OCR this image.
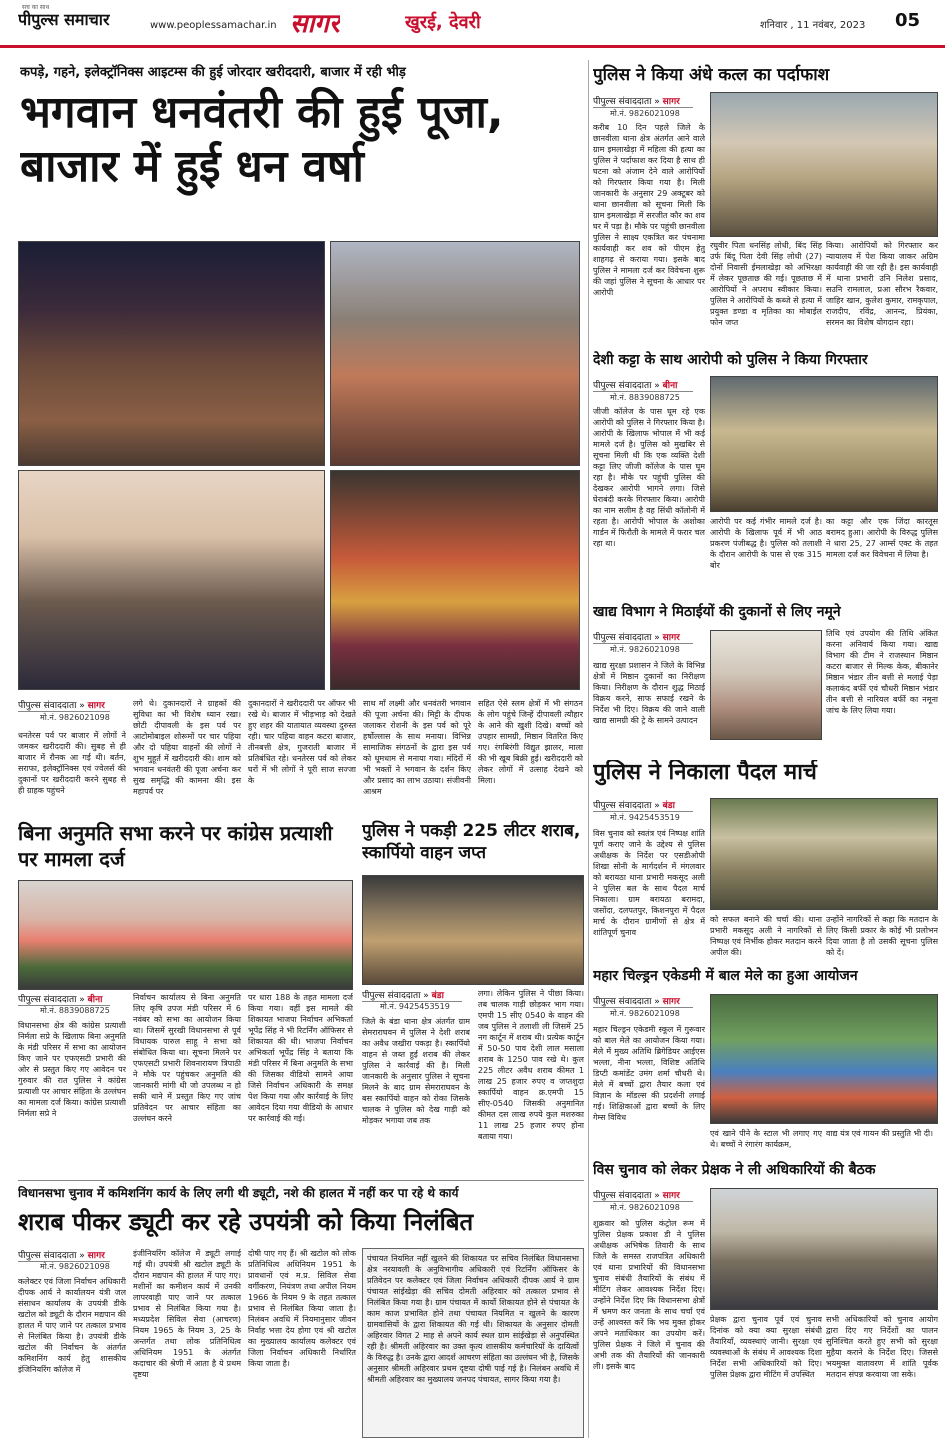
सच का साथ
पीपुल्स समाचार	www.peoplessamachar.in सागर	खुरई, देवरी	शनिवार , 11 नवंबर, 2023 05
कपड़े, गहने, इलेक्ट्रॉनिक्स आइटम्स की हुई जोरदार खरीददारी, बाजार में रही भीड़
भगवान धनवंतरी की हुई पूजा, बाजार में हुई धन वर्षा
पीपुल्स संवाददाता » सागर
मो.नं. 9826021098
धनतेरस पर्व पर बाजार में लोगों ने जमकर खरीददारी की। सुबह से ही बाजार में रौनक आ गई थी। बर्तन, सराफा, इलेक्ट्रॉनिक्स एवं ज्वेलर्स की दुकानों पर खरीददारी करने सुबह से ही ग्राहक पहुंचने
लगे थे। दुकानदारों ने ग्राहकों की सुविधा का भी विशेष ध्यान रखा। छोटी दीपावली के इस पर्व पर आटोमोबाइल शोरूमों पर चार पहिया और दो पहिया वाहनों की लोगों ने शुभ मुहूर्त में खरीददारी की। शाम को भगवान धनवंतरी की पूजा अर्चना कर सुख समृद्धि की कामना की। इस महापर्व पर
दुकानदारों ने खरीददारी पर ऑफर भी रखे थे। बाजार में भीड़भाड़ को देखते हुए शहर की यातायात व्यवस्था दुरुस्त रही। चार पहिया वाहन कटरा बाजार, तीनबत्ती क्षेत्र, गुजराती बाजार में प्रतिबंधित रहे। धनतेरस पर्व को लेकर घरों में भी लोगों ने पूरी साज सज्जा के
साथ माँ लक्ष्मी और धनवंतरी भगवान की पूजा अर्चना की। मिट्टी के दीपक जलाकर रोशनी के इस पर्व को पूरे हर्षोल्लास के साथ मनाया। विभिन्न सामाजिक संगठनों के द्वारा इस पर्व को धूमधाम से मनाया गया। मंदिरों में भी भक्तों ने भगवान के दर्शन किए और प्रसाद का लाभ उठाया। संजीवनी आश्रम
सहित ऐसे स्लम क्षेत्रों में भी संगठन के लोग पहुंचे जिन्हें दीपावली त्यौहार के आने की खुशी दिखे। बच्चों को उपहार सामग्री, मिष्ठान वितरित किए गए। रंगबिरंगी विद्युत झालर, माला की भी खूब बिक्री हुई। खरीददारी को लेकर लोगों में उत्साह देखने को मिला।
बिना अनुमति सभा करने पर कांग्रेस प्रत्याशी पर मामला दर्ज
पीपुल्स संवाददाता » बीना
मो.नं. 8839088725
विधानसभा क्षेत्र की कांग्रेस प्रत्याशी निर्मला सप्रे के खिलाफ बिना अनुमति के मंडी परिसर में सभा का आयोजन किए जाने पर एफएसटी प्रभारी की ओर से प्रस्तुत किए गए आवेदन पर गुरुवार की रात पुलिस ने कांग्रेस प्रत्याशी पर आचार संहिता के उल्लंघन का मामला दर्ज किया। कांग्रेस प्रत्याशी निर्मला सप्रे ने
निर्वाचन कार्यालय से बिना अनुमति लिए कृषि उपज मंडी परिसर में 6 नवंबर को सभा का आयोजन किया था। जिसमें सुरखी विधानसभा से पूर्व विधायक पारुल साहू ने सभा को संबोधित किया था। सूचना मिलने पर एफएसटी प्रभारी शिवनारायण त्रिपाठी ने मौके पर पहुंचकर अनुमति की जानकारी मांगी थी जो उपलब्ध न हो सकी थाने में प्रस्तुत किए गए जांच प्रतिवेदन पर आचार संहिता का उल्लंघन करने
पर धारा 188 के तहत मामला दर्ज किया गया। वहीं इस मामले की शिकायत भाजपा निर्वाचन अभिकर्ता भूपेंद्र सिंह ने भी रिटर्निंग ऑफिसर से शिकायत की थी। भाजपा निर्वाचन अभिकर्ता भूपेंद्र सिंह ने बताया कि मंडी परिसर में बिना अनुमति के सभा की जिसका वीडियो सामने आया जिसे निर्वाचन अधिकारी के समक्ष पेश किया गया और कार्रवाई के लिए आवेदन दिया गया वीडियो के आधार पर कार्रवाई की गई।
पुलिस ने पकड़ी 225 लीटर शराब, स्कार्पियो वाहन जप्त
पीपुल्स संवाददाता » बंडा
मो.नं. 9425453519
जिले के बंडा थाना क्षेत्र अंतर्गत ग्राम सेमराराघवन में पुलिस ने देशी शराब का अवैध जखीरा पकड़ा है। स्कार्पियो वाहन से जब्त हुई शराब की लेकर पुलिस ने कार्रवाई की है। मिली जानकारी के अनुसार पुलिस ने सूचना मिलने के बाद ग्राम सेमराराघवन के बस स्कार्पियो वाहन को रोका जिसके चालक ने पुलिस को देख गाड़ी को मोड़कर भगाया जब तक
लगा। लेकिन पुलिस ने पीछा किया। तब चालक गाड़ी छोड़कर भाग गया। एमपी 15 सीए 0540 के वाहन की जब पुलिस ने तलाशी ली जिसमें 25 नग कार्टून में शराब थी। प्रत्येक कार्टून में 50-50 पाव देशी लाल मसाला शराब के 1250 पाव रखे थे। कुल 225 लीटर अवैध शराब कीमत 1 लाख 25 हजार रुपए व जप्तशुदा स्कार्पियो वाहन क्र.एमपी 15 सीए-0540 जिसकी अनुमानित कीमत दस लाख रुपये कुल मशरुका 11 लाख 25 हजार रुपए होना बताया गया।
विधानसभा चुनाव में कमिशनिंग कार्य के लिए लगी थी ड्यूटी, नशे की हालत में नहीं कर पा रहे थे कार्य
शराब पीकर ड्यूटी कर रहे उपयंत्री को किया निलंबित
पीपुल्स संवाददाता » सागर
मो.नं. 9826021098
कलेक्टर एवं जिला निर्वाचन अधिकारी दीपक आर्य ने कार्यालयन यंत्री जल संसाधन कार्यालय के उपयंत्री डीके खटोल को ड्यूटी के दौरान मद्यपान की हालत में पाए जाने पर तत्काल प्रभाव से निलंबित किया है। उपयंत्री डीके खटोल की निर्वाचन के अंतर्गत कमिशनिंग कार्य हेतु शासकीय इंजिनियरिंग कॉलेज में
इंजीनियरिंग कॉलेज में ड्यूटी लगाई गई थी। उपयंत्री श्री खटोल ड्यूटी के दौरान मद्यपान की हालत में पाए गए। मशीनों का कमीशन कार्य में उनकी लापरवाही पाए जाने पर तत्काल प्रभाव से निलंबित किया गया है। मध्यप्रदेश सिविल सेवा (आचरण) नियम 1965 के नियम 3, 25 के अन्तर्गत तथा लोक प्रतिनिधित्व अधिनियम 1951 के अंतर्गत कदाचार की श्रेणी में आता है ये प्रथम दृष्टया
दोषी पाए गए हैं। श्री खटोल को लोक प्रतिनिधित्व अधिनियम 1951 के प्रावधानों एवं म.प्र. सिविल सेवा वर्गीकरण, नियंत्रण तथा अपील नियम 1966 के नियम 9 के तहत तत्काल प्रभाव से निलंबित किया जाता है। निलंबन अवधि में नियमानुसार जीवन निर्वाह भत्ता देय होगा एवं श्री खटोल का मुख्यालय कार्यालय कलेक्टर एवं जिला निर्वाचन अधिकारी निर्धारित किया जाता है।
पंचायत नियमित नहीं खुलने की शिकायत पर सचिव निलंबित विधानसभा क्षेत्र नरयावली के अनुविभागीय अधिकारी एवं रिटर्निंग ऑफिसर के प्रतिवेदन पर कलेक्टर एवं जिला निर्वाचन अधिकारी दीपक आर्य ने ग्राम पंचायत सांईखेड़ा की सचिव दोमती अहिरवार को तत्काल प्रभाव से निलंबित किया गया है। ग्राम पंचायत में कार्यो शिकायत होने से पंचायत के काम काज प्रभावित होने तथा पंचायत नियमित न खुलने के कारण ग्रामवासियों के द्वारा शिकायत की गई थी। शिकायत के अनुसार दोमती अहिरवार विगत 2 माह से अपने कार्य स्थल ग्राम सांईखेड़ा से अनुपस्थित रही है। श्रीमती अहिरवार का उक्त कृत्य शासकीय कर्मचारियों के दायित्वों के विरुद्ध है। उनके द्वारा आदर्श आचरण संहिता का उल्लंघन भी है, जिसके अनुसार श्रीमती अहिरवार प्रथम दृष्टया दोषी पाई गई है। निलंबन अवधि में श्रीमती अहिरवार का मुख्यालय जनपद पंचायत, सागर किया गया है।
पुलिस ने किया अंधे कत्ल का पर्दाफाश
पीपुल्स संवाददाता » सागर
मो.नं. 9826021098
करीब 10 दिन पहले जिले के छानवीला थाना क्षेत्र अंतर्गत आने वाले ग्राम इमलाखेड़ा में महिला की हत्या का पुलिस ने पर्दाफाश कर दिया है साथ ही घटना को अंजाम देने वाले आरोपियों को गिरफ्तार किया गया है। मिली जानकारी के अनुसार 29 अक्टूबर को थाना छानवीला को सूचना मिली कि ग्राम इमलाखेड़ा में सरजीत कौर का शव घर में पड़ा है। मौके पर पहुंची छानवीला पुलिस ने साक्ष्य एकत्रित कर पंचनामा कार्यवाही कर शव को पीएम हेतु शाहगढ़ से कराया गया। इसके बाद पुलिस ने मामला दर्ज कर विवेचना शुरू की जहां पुलिस ने सूचना के आधार पर आरोपी
रघुवीर पिता धनसिंह लोधी, बिंद सिंह उर्फ बिंदू पिता देवी सिंह लोधी (27) दोनों निवासी ईमलाखेड़ा को अभिरक्षा में लेकर पूछताछ की गई। पूछताछ में आरोपियों ने अपराध स्वीकार किया। पुलिस ने आरोपियों के कब्जे से हत्या में प्रयुक्त डण्डा व मृतिका का मोबाईल फोन जप्त
किया। आरोपियों को गिरफ्तार कर न्यायालय में पेश किया जाकर अग्रिम कार्यवाही की जा रही है। इस कार्यवाही में थाना प्रभारी उनि निलेश प्रसाद, सउनि रामलाल, प्रआ सौरभ रैकवार, जाहिर खान, कुलेश कुमार, रामकृपाल, राजदीप, रविंद्र, आनन्द, प्रियंका, सरमन का विशेष योगदान रहा।
देशी कट्टा के साथ आरोपी को पुलिस ने किया गिरफ्तार
पीपुल्स संवाददाता » बीना
मो.नं. 8839088725
जीजी कॉलेज के पास घूम रहे एक आरोपी को पुलिस ने गिरफ्तार किया है। आरोपी के खिलाफ भोपाल में भी कई मामले दर्ज है। पुलिस को मुखबिर से सूचना मिली थी कि एक व्यक्ति देशी कट्टा लिए जीजी कॉलेज के पास घूम रहा है। मौके पर पहुंची पुलिस की देखकर आरोपी भागने लगा। जिसे घेराबंदी करके गिरफ्तार किया। आरोपी का नाम सलीम है वह सिंधी कॉलोनी में रहता है। आरोपी भोपाल के अशोका गार्डन में फिरौती के मामले में फरार चल रहा था।
आरोपी पर कई गंभीर मामले दर्ज है। आरोपी के खिलाफ पूर्व में भी आठ प्रकरण पंजीबद्ध है। पुलिस को तलाशी के दौरान आरोपी के पास से एक 315 बोर
का कट्टा और एक जिंदा कारतूस बरामद हुआ। आरोपी के विरुद्ध पुलिस ने धारा 25, 27 आर्म्स एक्ट के तहत मामला दर्ज कर विवेचना में लिया है।
खाद्य विभाग ने मिठाईयों की दुकानों से लिए नमूने
पीपुल्स संवाददाता » सागर
मो.नं. 9826021098
खाद्य सुरक्षा प्रशासन ने जिले के विभिन्न क्षेत्रों में मिष्ठान दुकानों का निरीक्षण किया। निरीक्षण के दौरान शुद्ध मिठाई विक्रय करने, साफ सफाई रखने के निर्देश भी दिए। विक्रय की जाने वाली खाद्य सामग्री की ट्रे के सामने उत्पादन
तिथि एवं उपयोग की तिथि अंकित करना अनिवार्य किया गया। खाद्य विभाग की टीम ने राजस्थान मिष्ठान कटरा बाजार से मिल्क केक, बीकानेर मिष्ठान भंडार तीन बत्ती से मलाई पेड़ा कलाकंद बर्फी एवं चौधरी मिष्ठान भंडार तीन बत्ती से नारियल बर्फी का नमूना जांच के लिए लिया गया।
पुलिस ने निकाला पैदल मार्च
पीपुल्स संवाददाता » बंडा
मो.नं. 9425453519
विस चुनाव को स्वतंत्र एवं निष्पक्ष शांति पूर्ण कराए जाने के उद्देश्य से पुलिस अधीक्षक के निर्देश पर एसडीओपी शिखा सोनी के मार्गदर्शन में मंगलवार को बरायठा थाना प्रभारी मकसूद अली ने पुलिस बल के साथ पैदल मार्च निकाला। ग्राम बरायठा बरामदा, जसोंदा, दलपतपुर, किशनपुरा में पैदल मार्च के दौरान ग्रामीणों से क्षेत्र में शांतिपूर्ण चुनाव
को सफल बनाने की चर्चा की। थाना प्रभारी मकसूद अली ने नागरिकों से निष्पक्ष एवं निर्भीक होकर मतदान करने अपील की।
उन्होंने नागरिकों से कहा कि मतदान के लिए किसी प्रकार के कोई भी प्रलोभन दिया जाता है तो उसकी सूचना पुलिस को दें।
महार चिल्ड्रन एकेडमी में बाल मेले का हुआ आयोजन
पीपुल्स संवाददाता » सागर
मो.नं. 9826021098
महार चिल्ड्रन एकेडमी स्कूल में गुरूवार को बाल मेले का आयोजन किया गया। मेले में मुख्य अतिथि ब्रिगेडियर आईएस भल्ला, नीना भल्ला, विशिष्ट अतिथि डिप्टी कमांडेंट उमंग शर्मा चौधरी थे। मेले में बच्चों द्वारा तैयार कला एवं विज्ञान के मॉडल्स की प्रदर्शनी लगाई गई। शिक्षिकाओं द्वारा बच्चों के लिए गेम्स विविध
एवं खाने पीने के स्टाल भी लगाए गए थे। बच्चों ने रंगारंग कार्यक्रम,
वाद्य यंत्र एवं गायन की प्रस्तुति भी दी।
विस चुनाव को लेकर प्रेक्षक ने ली अधिकारियों की बैठक
पीपुल्स संवाददाता » सागर
मो.नं. 9826021098
शुक्रवार को पुलिस कंट्रोल रूम में पुलिस प्रेक्षक प्रकाश डी ने पुलिस अधीक्षक अभिषेक तिवारी के साथ जिले के समस्त राजपत्रित अधिकारी एवं थाना प्रभारियों की विधानसभा चुनाव संबंधी तैयारियों के संबंध में मीटिंग लेकर आवश्यक निर्देश दिए। उन्होंने निर्देश दिए कि विधानसभा क्षेत्रों में भ्रमण कर जनता के साथ चर्चा एवं उन्हें आश्वस्त करें कि भय मुक्त होकर अपने मताधिकार का उपयोग करें। पुलिस प्रेक्षक ने जिले में चुनाव की अभी तक की तैयारियों की जानकारी ली। इसके बाद
प्रेक्षक द्वारा चुनाव पूर्व एवं चुनाव दिनांक को क्या क्या सुरक्षा संबंधी तैयारियाँ, व्यवस्थाएं जानी। सुरक्षा एवं व्यवस्थाओं के संबंध में आवश्यक दिशा निर्देश सभी अधिकारियों को दिए। पुलिस प्रेक्षक द्वारा मीटिंग में उपस्थित
सभी अधिकारियों को चुनाव आयोग द्वारा दिए गए निर्देशों का पालन सुनिश्चित करते हुए सभी को सुरक्षा मुहैया कराने के निर्देश दिए। जिससे भयमुक्त वातावरण में शांति पूर्वक मतदान संपन्न करवाया जा सके।
